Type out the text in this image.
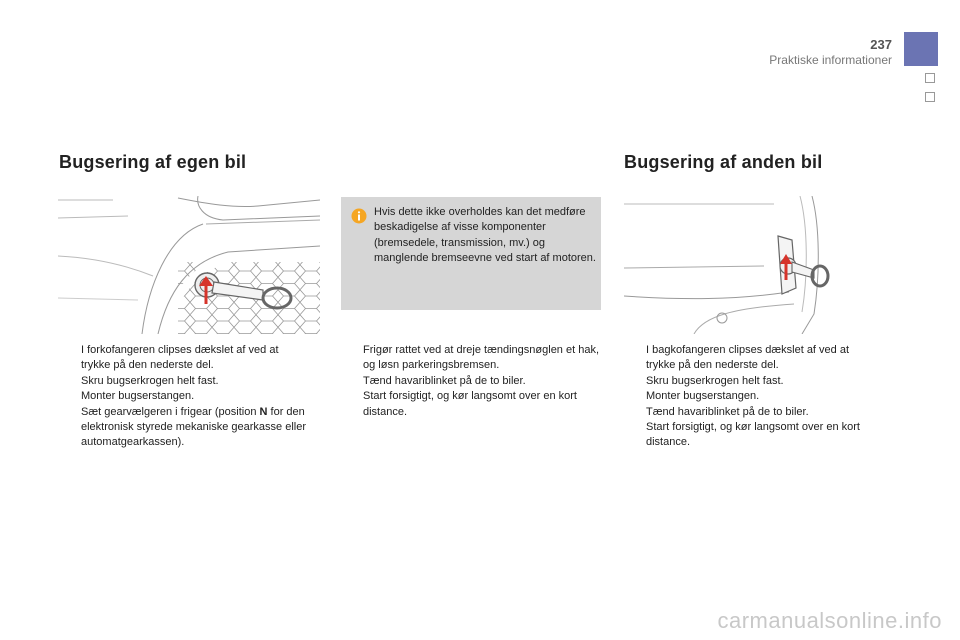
237
Praktiske informationer
Bugsering af egen bil	Bugsering af anden bil
Hvis dette ikke overholdes kan det medføre beskadigelse af visse komponenter (bremsedele, transmission, mv.) og manglende bremseevne ved start af motoren.
I forkofangeren clipses dækslet af ved at trykke på den nederste del.
Skru bugserkrogen helt fast.
Monter bugserstangen.
Sæt gearvælgeren i frigear (position N for den elektronisk styrede mekaniske gearkasse eller automatgearkassen).
Frigør rattet ved at dreje tændingsnøglen et hak, og løsn parkeringsbremsen.
Tænd havariblinket på de to biler.
Start forsigtigt, og kør langsomt over en kort distance.
I bagkofangeren clipses dækslet af ved at trykke på den nederste del.
Skru bugserkrogen helt fast.
Monter bugserstangen.
Tænd havariblinket på de to biler.
Start forsigtigt, og kør langsomt over en kort distance.
carmanualsonline.info
